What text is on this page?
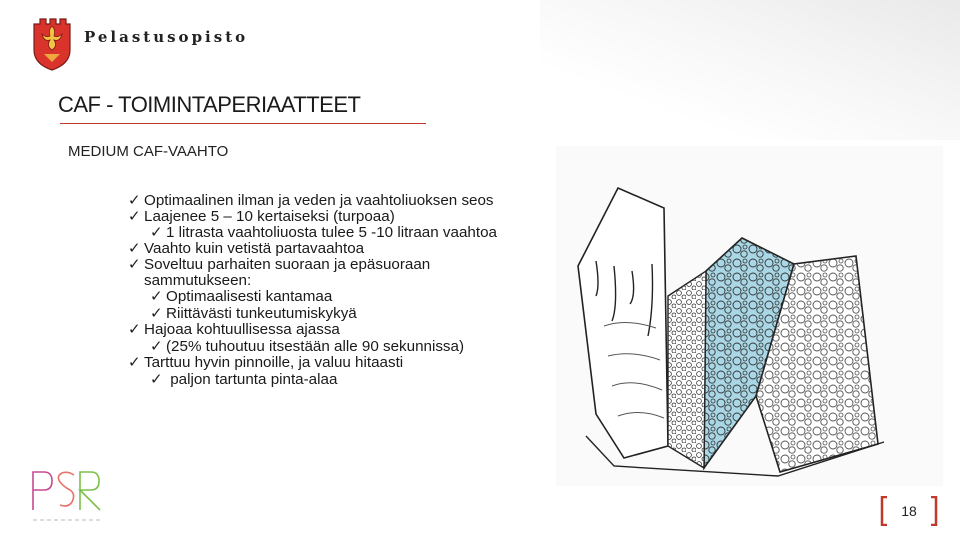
Pelastusopisto
CAF - TOIMINTAPERIAATTEET
MEDIUM CAF-VAAHTO
✓ Optimaalinen ilman ja veden ja vaahtoliuoksen seos
✓ Laajenee 5 – 10 kertaiseksi (turpoaa)
✓ 1 litrasta vaahtoliuosta tulee 5 -10 litraan vaahtoa
✓ Vaahto kuin vetistä partavaahtoa
✓ Soveltuu parhaiten suoraan ja epäsuoraan sammutukseen:
✓ Optimaalisesti kantamaa
✓ Riittävästi tunkeutumiskykyä
✓ Hajoaa kohtuullisessa ajassa
✓ (25% tuhoutuu itsestään alle 90 sekunnissa)
✓ Tarttuu hyvin pinnoille, ja valuu hitaasti
✓ paljon tartunta pinta-alaa
18
